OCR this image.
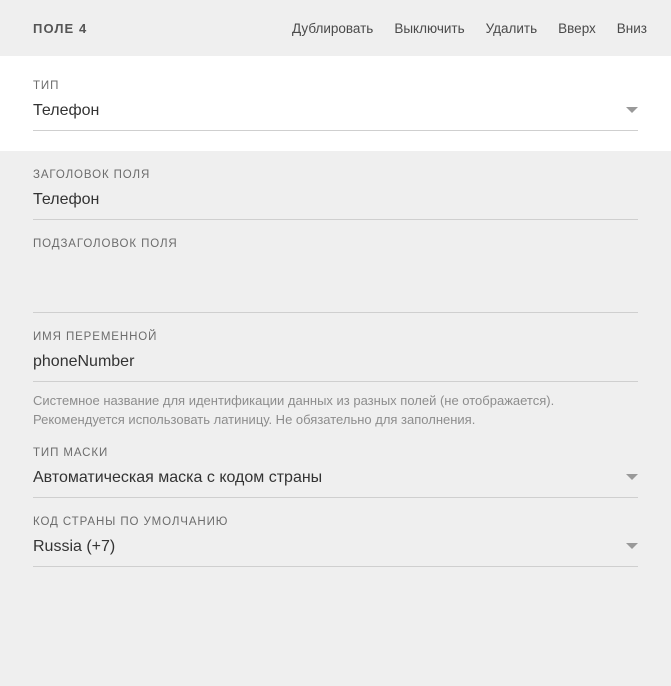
ПОЛЕ 4	Дублировать Выключить Удалить Вверх Вниз
ТИП
Телефон
ЗАГОЛОВОК ПОЛЯ
Телефон
ПОДЗАГОЛОВОК ПОЛЯ
ИМЯ ПЕРЕМЕННОЙ
phoneNumber
Системное название для идентификации данных из разных полей (не отображается).
Рекомендуется использовать латиницу. Не обязательно для заполнения.
ТИП МАСКИ
Автоматическая маска с кодом страны
КОД СТРАНЫ ПО УМОЛЧАНИЮ
Russia (+7)
